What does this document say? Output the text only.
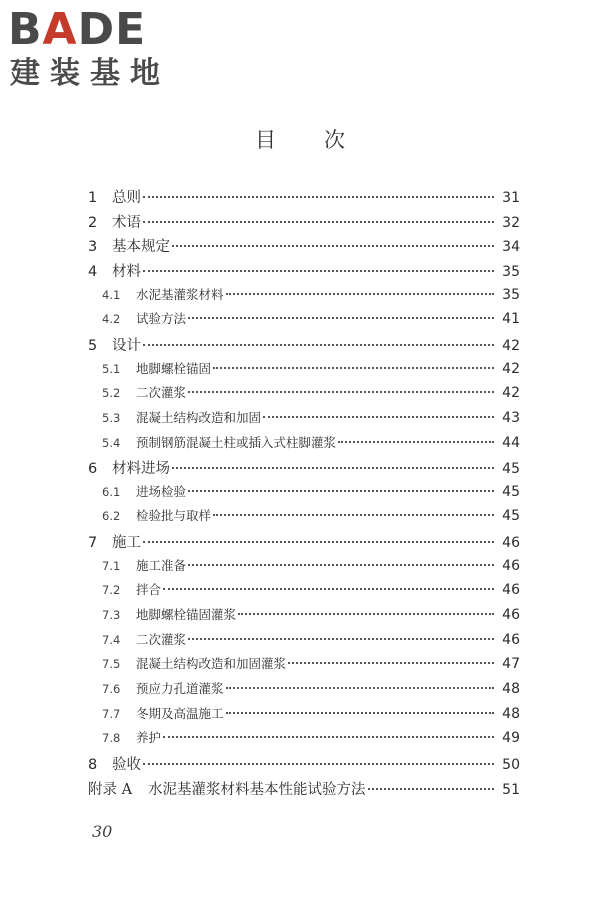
BADE
建装基地
目 次
1	总则	31
2	术语	32
3	基本规定	34
4	材料	35
4.1	水泥基灌浆材料	35
4.2	试验方法	41
5	设计	42
5.1	地脚螺栓锚固	42
5.2	二次灌浆	42
5.3	混凝土结构改造和加固	43
5.4	预制钢筋混凝土柱或插入式柱脚灌浆	44
6	材料进场	45
6.1	进场检验	45
6.2	检验批与取样	45
7	施工	46
7.1	施工准备	46
7.2	拌合	46
7.3	地脚螺栓锚固灌浆	46
7.4	二次灌浆	46
7.5	混凝土结构改造和加固灌浆	47
7.6	预应力孔道灌浆	48
7.7	冬期及高温施工	48
7.8	养护	49
8	验收	50
附录 A	水泥基灌浆材料基本性能试验方法	51
30
